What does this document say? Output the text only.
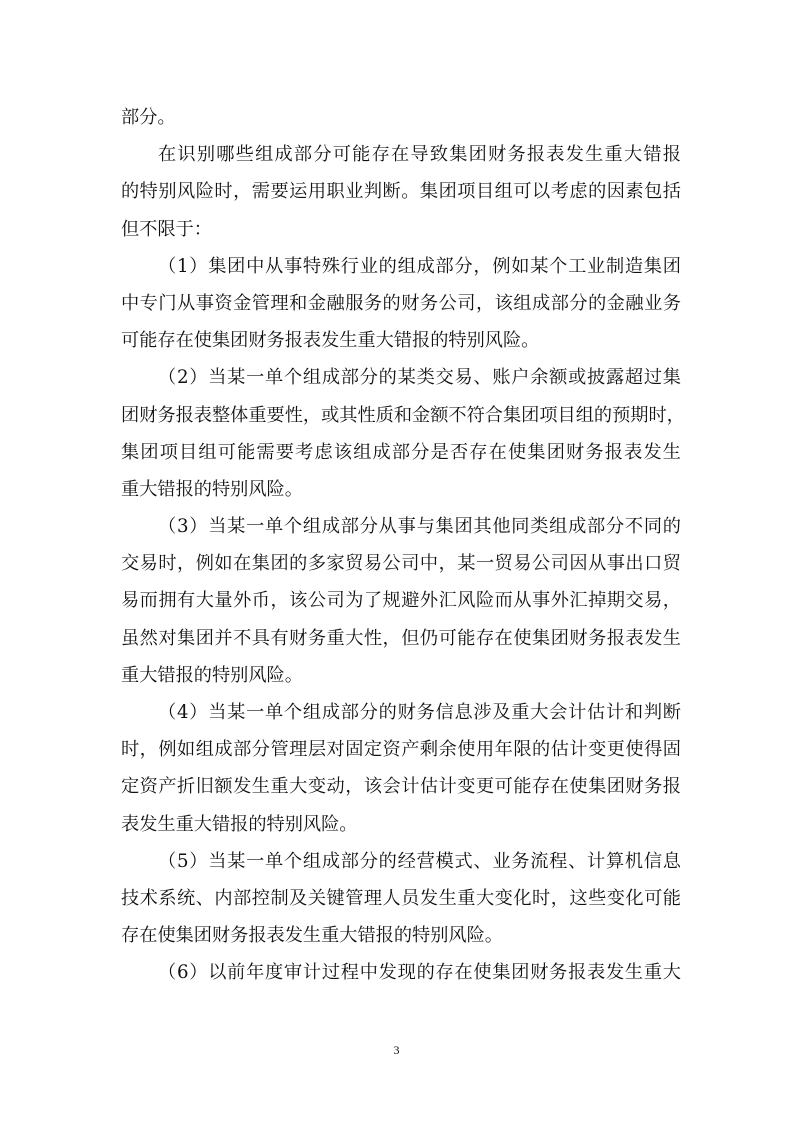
部分。
在识别哪些组成部分可能存在导致集团财务报表发生重大错报
的特别风险时，需要运用职业判断。集团项目组可以考虑的因素包括
但不限于：
（1）集团中从事特殊行业的组成部分，例如某个工业制造集团
中专门从事资金管理和金融服务的财务公司，该组成部分的金融业务
可能存在使集团财务报表发生重大错报的特别风险。
（2）当某一单个组成部分的某类交易、账户余额或披露超过集
团财务报表整体重要性，或其性质和金额不符合集团项目组的预期时，
集团项目组可能需要考虑该组成部分是否存在使集团财务报表发生
重大错报的特别风险。
（3）当某一单个组成部分从事与集团其他同类组成部分不同的
交易时，例如在集团的多家贸易公司中，某一贸易公司因从事出口贸
易而拥有大量外币，该公司为了规避外汇风险而从事外汇掉期交易，
虽然对集团并不具有财务重大性，但仍可能存在使集团财务报表发生
重大错报的特别风险。
（4）当某一单个组成部分的财务信息涉及重大会计估计和判断
时，例如组成部分管理层对固定资产剩余使用年限的估计变更使得固
定资产折旧额发生重大变动，该会计估计变更可能存在使集团财务报
表发生重大错报的特别风险。
（5）当某一单个组成部分的经营模式、业务流程、计算机信息
技术系统、内部控制及关键管理人员发生重大变化时，这些变化可能
存在使集团财务报表发生重大错报的特别风险。
（6）以前年度审计过程中发现的存在使集团财务报表发生重大
3
